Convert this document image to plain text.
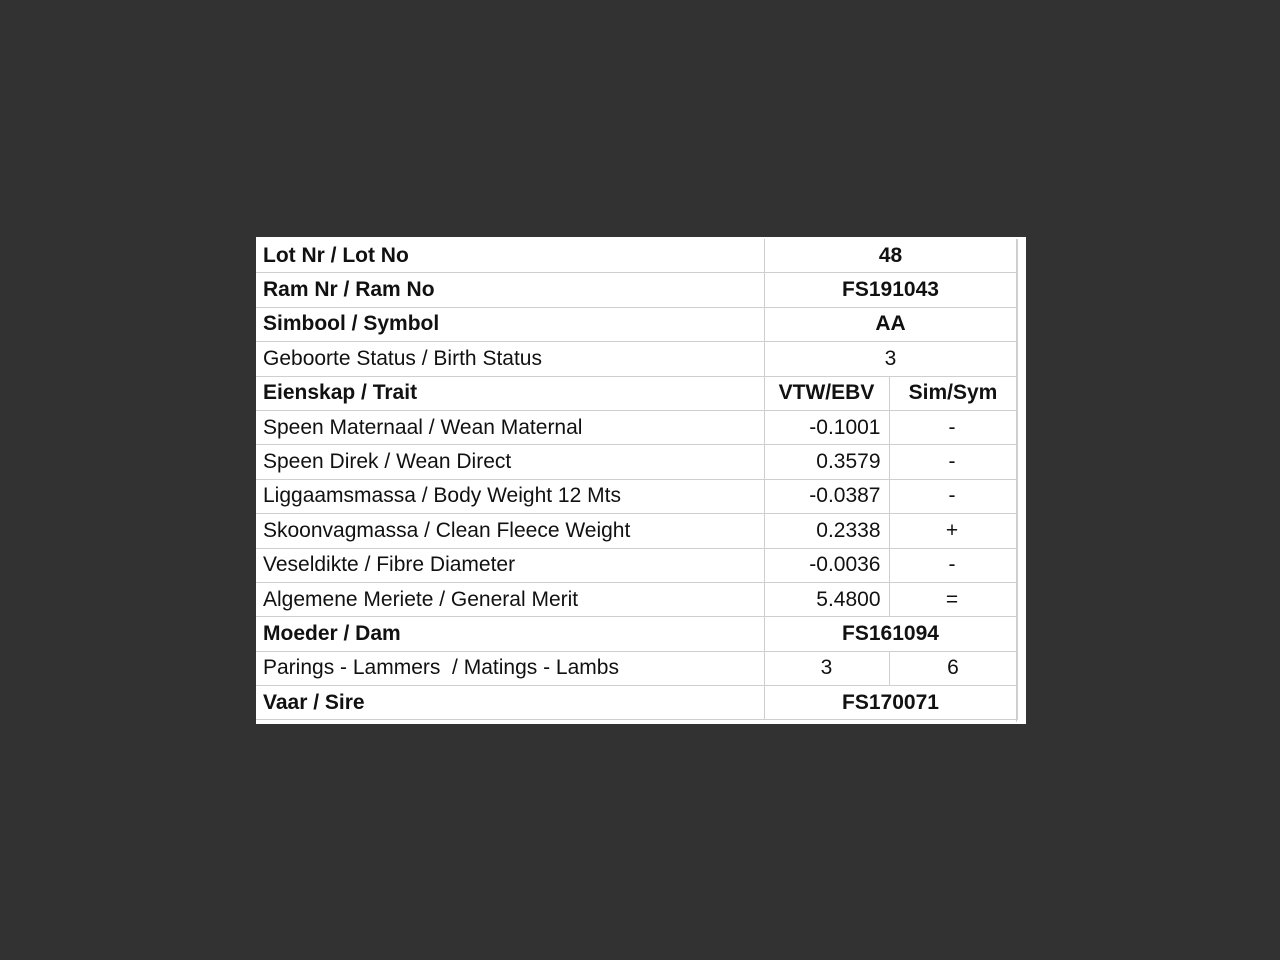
Lot Nr / Lot No	48	
Ram Nr / Ram No	FS191043	
Simbool / Symbol	AA	
Geboorte Status / Birth Status	3	
Eienskap / Trait	VTW/EBV	Sim/Sym
Speen Maternaal / Wean Maternal	-0.1001	-
Speen Direk / Wean Direct	0.3579	-
Liggaamsmassa / Body Weight 12 Mts	-0.0387	-
Skoonvagmassa / Clean Fleece Weight	0.2338	+
Veseldikte / Fibre Diameter	-0.0036	-
Algemene Meriete / General Merit	5.4800	=
Moeder / Dam	FS161094	
Parings - Lammers  / Matings - Lambs	3	6
Vaar / Sire	FS170071	
